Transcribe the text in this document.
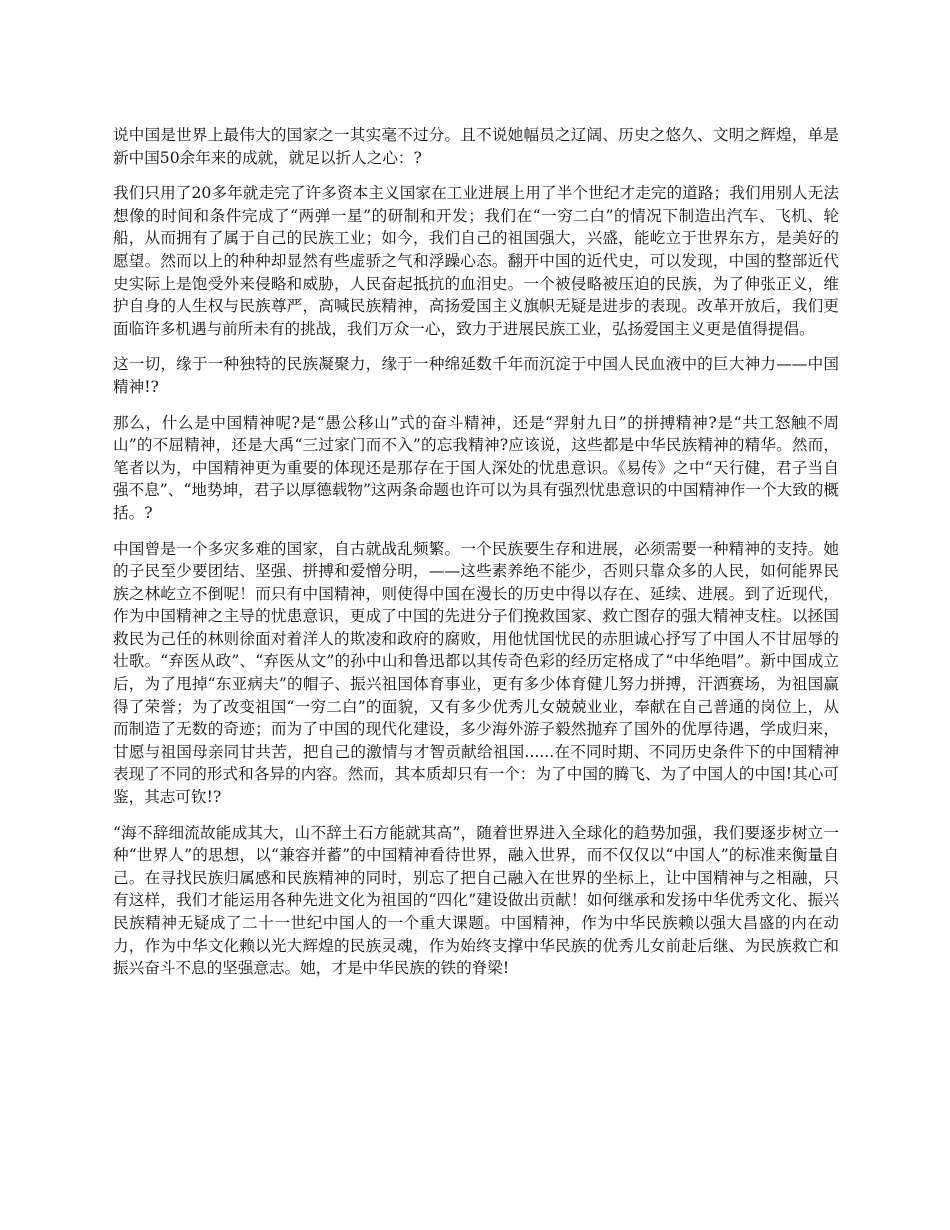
说中国是世界上最伟大的国家之一其实毫不过分。且不说她幅员之辽阔、历史之悠久、文明之辉煌，单是新中国50余年来的成就，就足以折人之心：?

我们只用了20多年就走完了许多资本主义国家在工业进展上用了半个世纪才走完的道路；我们用别人无法想像的时间和条件完成了“两弹一星”的研制和开发；我们在“一穷二白”的情况下制造出汽车、飞机、轮船，从而拥有了属于自己的民族工业；如今，我们自己的祖国强大，兴盛，能屹立于世界东方，是美好的愿望。然而以上的种种却显然有些虚骄之气和浮躁心态。翻开中国的近代史，可以发现，中国的整部近代史实际上是饱受外来侵略和威胁，人民奋起抵抗的血泪史。一个被侵略被压迫的民族，为了伸张正义，维护自身的人生权与民族尊严，高喊民族精神，高扬爱国主义旗帜无疑是进步的表现。改革开放后，我们更面临许多机遇与前所未有的挑战，我们万众一心，致力于进展民族工业，弘扬爱国主义更是值得提倡。

这一切，缘于一种独特的民族凝聚力，缘于一种绵延数千年而沉淀于中国人民血液中的巨大神力——中国精神!?

那么，什么是中国精神呢?是“愚公移山”式的奋斗精神，还是“羿射九日”的拼搏精神?是“共工怒触不周山”的不屈精神，还是大禹“三过家门而不入”的忘我精神?应该说，这些都是中华民族精神的精华。然而，笔者以为，中国精神更为重要的体现还是那存在于国人深处的忧患意识。《易传》之中“天行健，君子当自强不息”、“地势坤，君子以厚德载物”这两条命题也许可以为具有强烈忧患意识的中国精神作一个大致的概括。?

中国曾是一个多灾多难的国家，自古就战乱频繁。一个民族要生存和进展，必须需要一种精神的支持。她的子民至少要团结、坚强、拼搏和爱憎分明，——这些素养绝不能少，否则只靠众多的人民，如何能界民族之林屹立不倒呢！而只有中国精神，则使得中国在漫长的历史中得以存在、延续、进展。到了近现代，作为中国精神之主导的忧患意识，更成了中国的先进分子们挽救国家、救亡图存的强大精神支柱。以拯国救民为己任的林则徐面对着洋人的欺凌和政府的腐败，用他忧国忧民的赤胆诚心抒写了中国人不甘屈辱的壮歌。“弃医从政”、“弃医从文”的孙中山和鲁迅都以其传奇色彩的经历定格成了“中华绝唱”。新中国成立后，为了甩掉“东亚病夫”的帽子、振兴祖国体育事业，更有多少体育健儿努力拼搏，汗洒赛场，为祖国赢得了荣誉；为了改变祖国“一穷二白”的面貌，又有多少优秀儿女兢兢业业，奉献在自己普通的岗位上，从而制造了无数的奇迹；而为了中国的现代化建设，多少海外游子毅然抛弃了国外的优厚待遇，学成归来，甘愿与祖国母亲同甘共苦，把自己的激情与才智贡献给祖国......在不同时期、不同历史条件下的中国精神表现了不同的形式和各异的内容。然而，其本质却只有一个：为了中国的腾飞、为了中国人的中国!其心可鉴，其志可钦!?

“海不辞细流故能成其大，山不辞土石方能就其高”，随着世界进入全球化的趋势加强，我们要逐步树立一种“世界人”的思想，以“兼容并蓄”的中国精神看待世界，融入世界，而不仅仅以“中国人”的标准来衡量自己。在寻找民族归属感和民族精神的同时，别忘了把自己融入在世界的坐标上，让中国精神与之相融，只有这样，我们才能运用各种先进文化为祖国的“四化”建设做出贡献！如何继承和发扬中华优秀文化、振兴民族精神无疑成了二十一世纪中国人的一个重大课题。中国精神，作为中华民族赖以强大昌盛的内在动力，作为中华文化赖以光大辉煌的民族灵魂，作为始终支撑中华民族的优秀儿女前赴后继、为民族救亡和振兴奋斗不息的坚强意志。她，才是中华民族的铁的脊梁!
